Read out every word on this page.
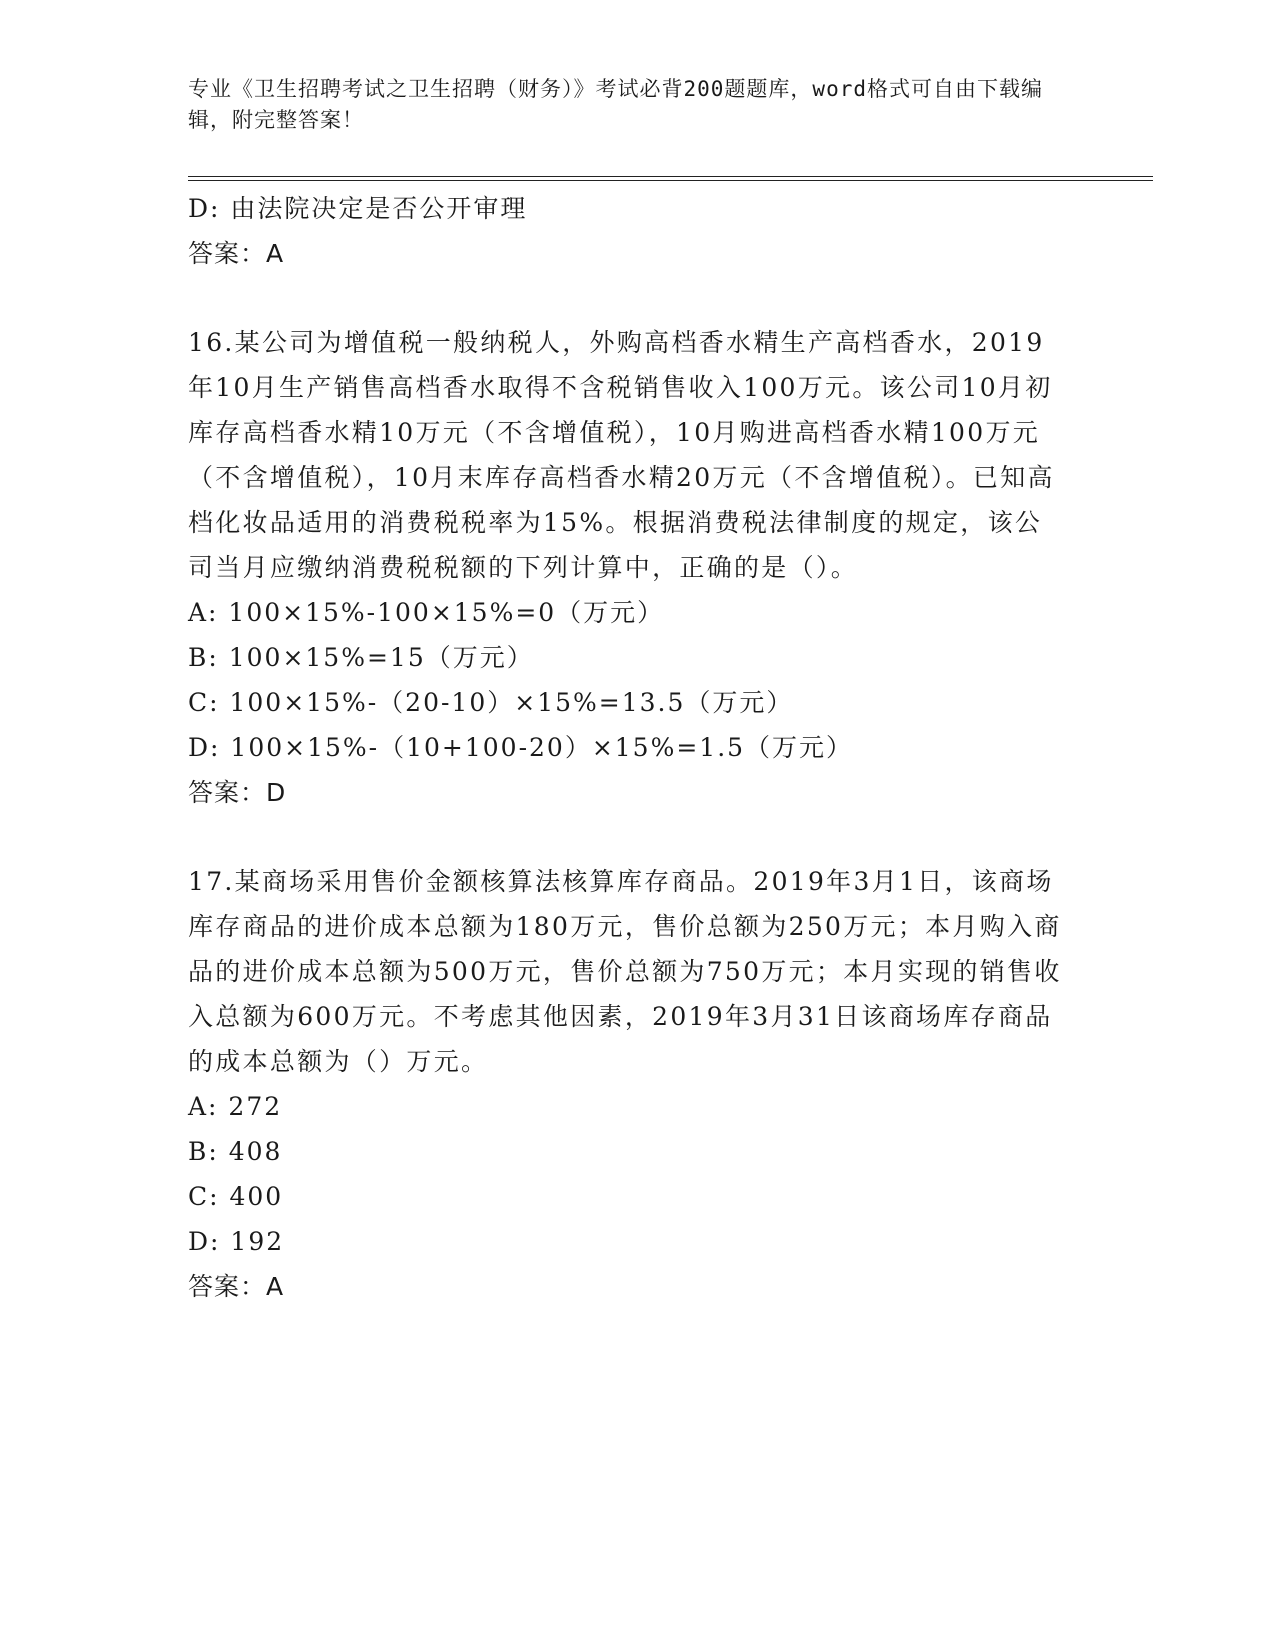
专业《卫生招聘考试之卫生招聘（财务）》考试必背200题题库，word格式可自由下载编辑，附完整答案！
D: 由法院决定是否公开审理
答案：A
16.某公司为增值税一般纳税人，外购高档香水精生产高档香水，2019年10月生产销售高档香水取得不含税销售收入100万元。该公司10月初库存高档香水精10万元（不含增值税），10月购进高档香水精100万元（不含增值税），10月末库存高档香水精20万元（不含增值税）。已知高档化妆品适用的消费税税率为15%。根据消费税法律制度的规定，该公司当月应缴纳消费税税额的下列计算中，正确的是（）。
A: 100×15%-100×15%=0（万元）
B: 100×15%=15（万元）
C: 100×15%-（20-10）×15%=13.5（万元）
D: 100×15%-（10+100-20）×15%=1.5（万元）
答案：D
17.某商场采用售价金额核算法核算库存商品。2019年3月1日，该商场库存商品的进价成本总额为180万元，售价总额为250万元；本月购入商品的进价成本总额为500万元，售价总额为750万元；本月实现的销售收入总额为600万元。不考虑其他因素，2019年3月31日该商场库存商品的成本总额为（）万元。
A: 272
B: 408
C: 400
D: 192
答案：A
